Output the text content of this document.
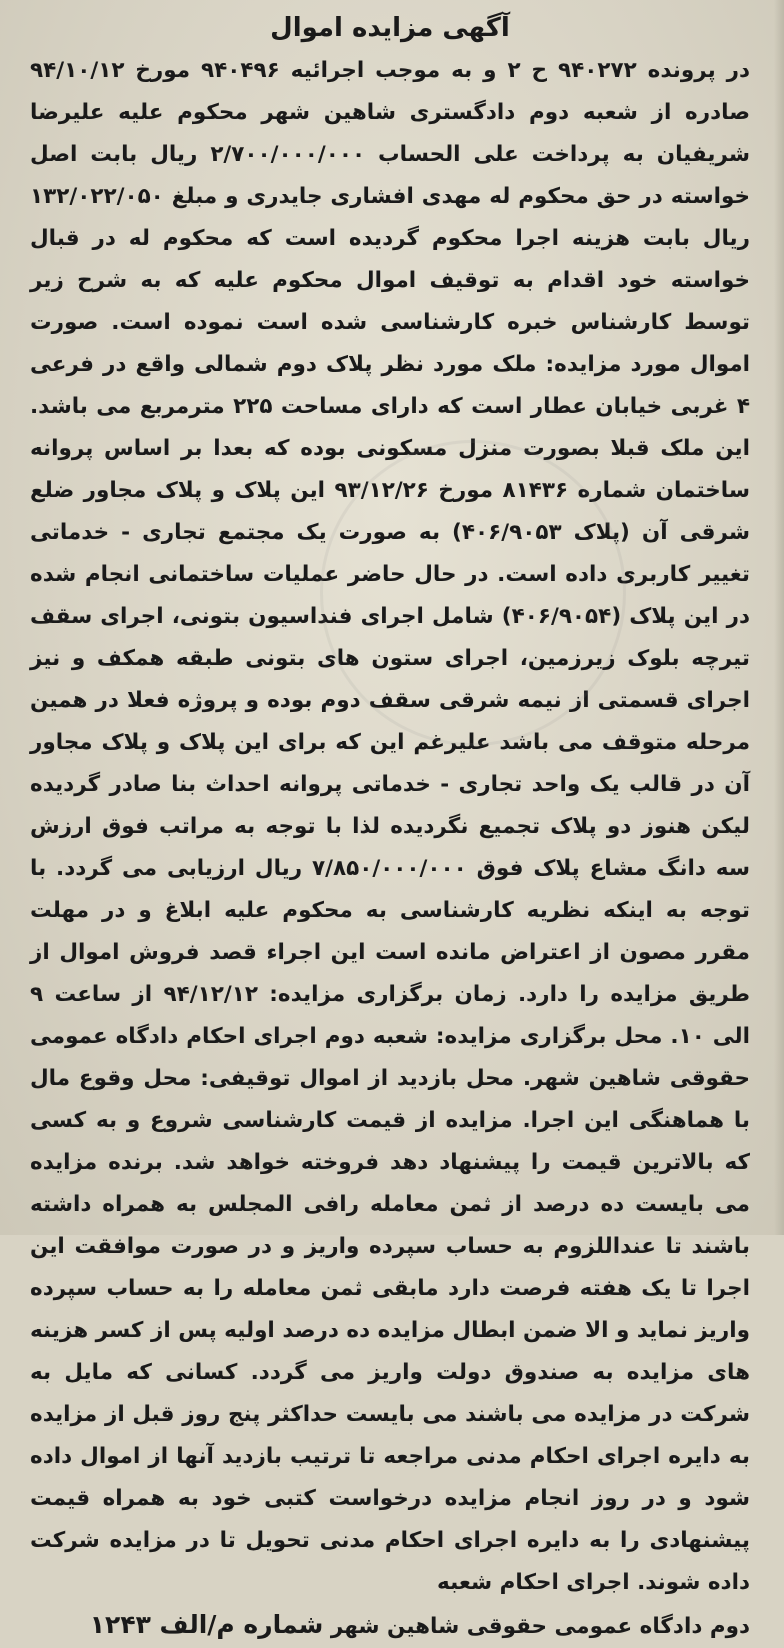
آگهی مزایده اموال

در پرونده ۹۴۰۲۷۲ ح ۲ و به موجب اجرائیه ۹۴۰۴۹۶ مورخ ۹۴/۱۰/۱۲ صادره از شعبه دوم دادگستری شاهین شهر محکوم علیه علیرضا شریفیان به پرداخت علی الحساب ۲/۷۰۰/۰۰۰/۰۰۰ ریال بابت اصل خواسته در حق محکوم له مهدی افشاری جایدری و مبلغ ۱۳۲/۰۲۲/۰۵۰ ریال بابت هزینه اجرا محکوم گردیده است که محکوم له در قبال خواسته خود اقدام به توقیف اموال محکوم علیه که به شرح زیر توسط کارشناس خبره کارشناسی شده است نموده است. صورت اموال مورد مزایده: ملک مورد نظر پلاک دوم شمالی واقع در فرعی ۴ غربی خیابان عطار است که دارای مساحت ۲۲۵ مترمربع می باشد. این ملک قبلا بصورت منزل مسکونی بوده که بعدا بر اساس پروانه ساختمان شماره ۸۱۴۳۶ مورخ ۹۳/۱۲/۲۶ این پلاک و پلاک مجاور ضلع شرقی آن (پلاک ۴۰۶/۹۰۵۳) به صورت یک مجتمع تجاری - خدماتی تغییر کاربری داده است. در حال حاضر عملیات ساختمانی انجام شده در این پلاک (۴۰۶/۹۰۵۴) شامل اجرای فنداسیون بتونی، اجرای سقف تیرچه بلوک زیرزمین، اجرای ستون های بتونی طبقه همکف و نیز اجرای قسمتی از نیمه شرقی سقف دوم بوده و پروژه فعلا در همین مرحله متوقف می باشد علیرغم این که برای این پلاک و پلاک مجاور آن در قالب یک واحد تجاری - خدماتی پروانه احداث بنا صادر گردیده لیکن هنوز دو پلاک تجمیع نگردیده لذا با توجه به مراتب فوق ارزش سه دانگ مشاع پلاک فوق ۷/۸۵۰/۰۰۰/۰۰۰ ریال ارزیابی می گردد. با توجه به اینکه نظریه کارشناسی به محکوم علیه ابلاغ و در مهلت مقرر مصون از اعتراض مانده است این اجراء قصد فروش اموال از طریق مزایده را دارد. زمان برگزاری مزایده: ۹۴/۱۲/۱۲ از ساعت ۹ الی ۱۰. محل برگزاری مزایده: شعبه دوم اجرای احکام دادگاه عمومی حقوقی شاهین شهر. محل بازدید از اموال توقیفی: محل وقوع مال با هماهنگی این اجرا. مزایده از قیمت کارشناسی شروع و به کسی که بالاترین قیمت را پیشنهاد دهد فروخته خواهد شد. برنده مزایده می بایست ده درصد از ثمن معامله رافی المجلس به همراه داشته باشند تا عنداللزوم به حساب سپرده واریز و در صورت موافقت این اجرا تا یک هفته فرصت دارد مابقی ثمن معامله را به حساب سپرده واریز نماید و الا ضمن ابطال مزایده ده درصد اولیه پس از کسر هزینه های مزایده به صندوق دولت واریز می گردد. کسانی که مایل به شرکت در مزایده می باشند می بایست حداکثر پنج روز قبل از مزایده به دایره اجرای احکام مدنی مراجعه تا ترتیب بازدید آنها از اموال داده شود و در روز انجام مزایده درخواست کتبی خود به همراه قیمت پیشنهادی را به دایره اجرای احکام مدنی تحویل تا در مزایده شرکت داده شوند. اجرای احکام شعبه

دوم دادگاه عمومی حقوقی شاهین شهر شماره م/الف ۱۲۴۳
